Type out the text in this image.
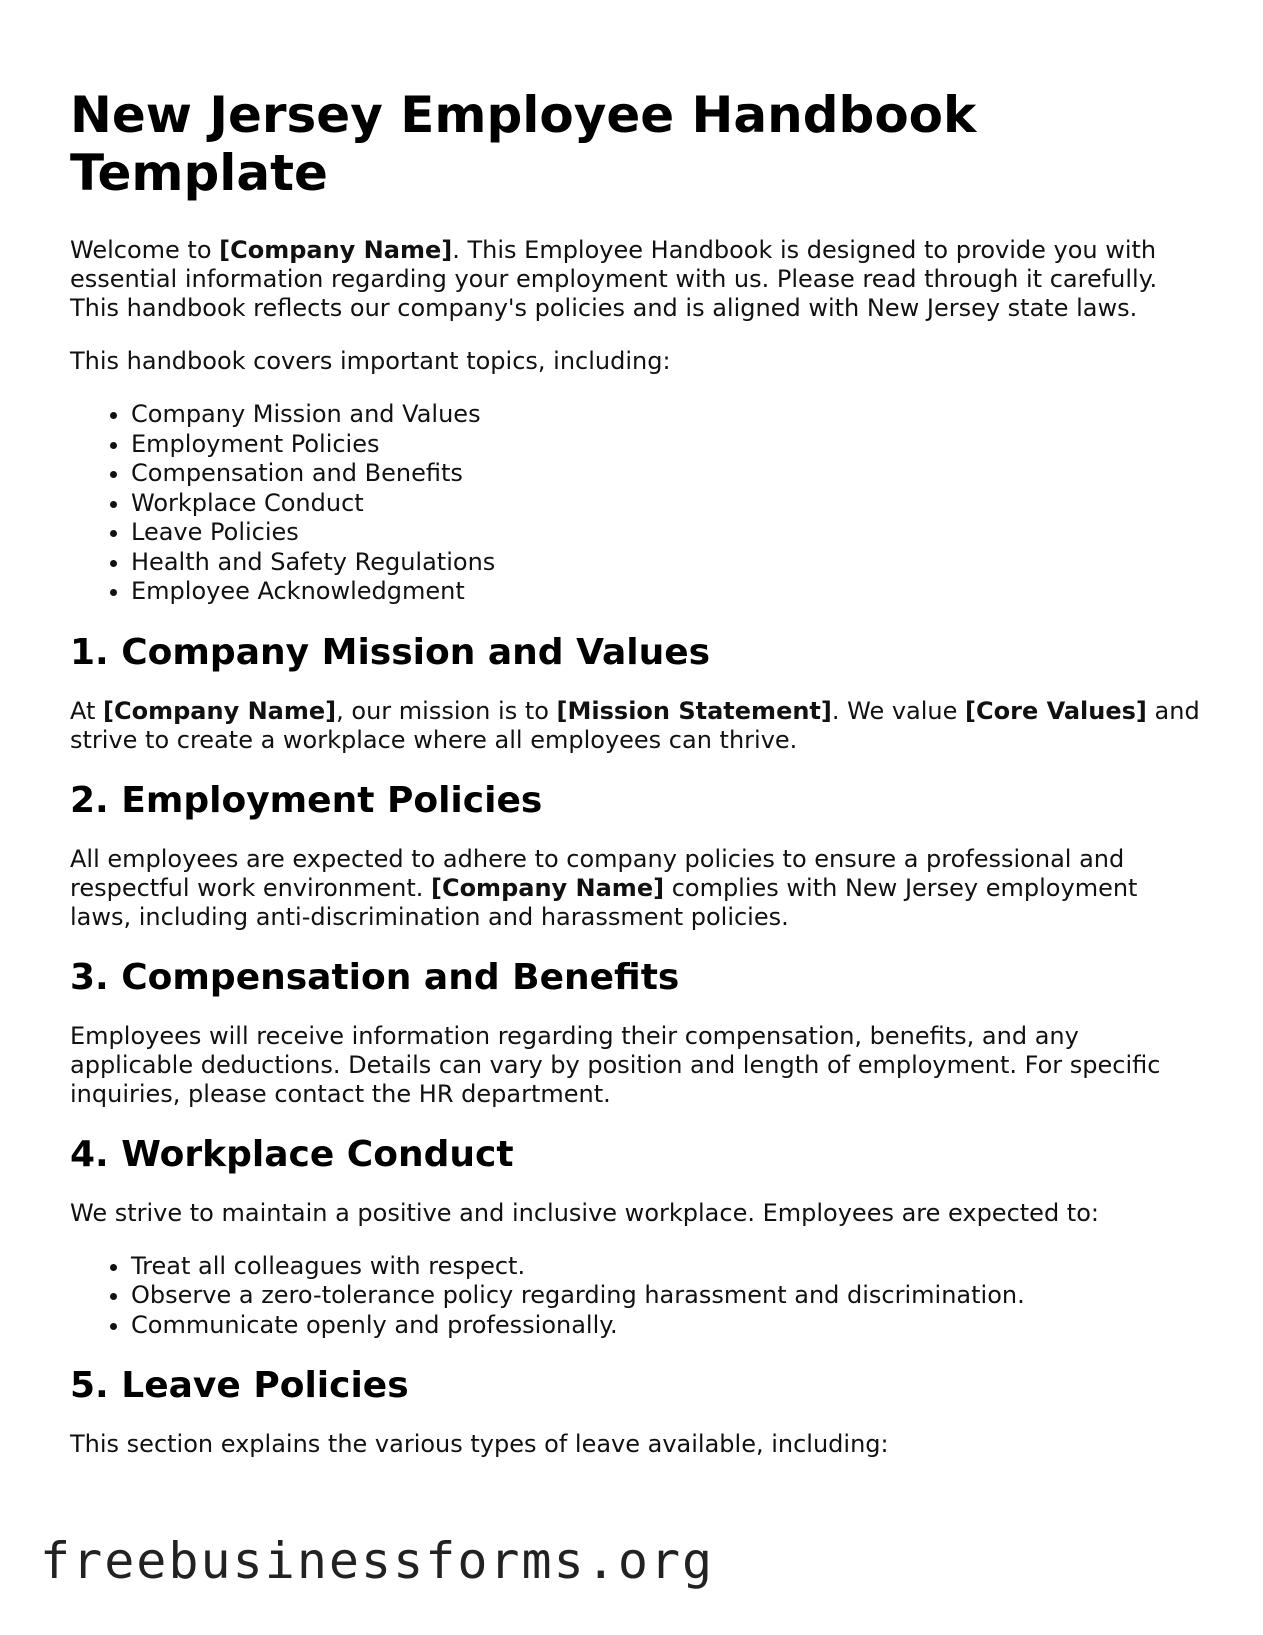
New Jersey Employee Handbook Template

Welcome to [Company Name]. This Employee Handbook is designed to provide you with essential information regarding your employment with us. Please read through it carefully. This handbook reflects our company's policies and is aligned with New Jersey state laws.

This handbook covers important topics, including:

• Company Mission and Values
• Employment Policies
• Compensation and Benefits
• Workplace Conduct
• Leave Policies
• Health and Safety Regulations
• Employee Acknowledgment
1. Company Mission and Values

At [Company Name], our mission is to [Mission Statement]. We value [Core Values] and strive to create a workplace where all employees can thrive.

2. Employment Policies

All employees are expected to adhere to company policies to ensure a professional and respectful work environment. [Company Name] complies with New Jersey employment laws, including anti-discrimination and harassment policies.

3. Compensation and Benefits

Employees will receive information regarding their compensation, benefits, and any applicable deductions. Details can vary by position and length of employment. For specific inquiries, please contact the HR department.

4. Workplace Conduct

We strive to maintain a positive and inclusive workplace. Employees are expected to:

• Treat all colleagues with respect.
• Observe a zero-tolerance policy regarding harassment and discrimination.
• Communicate openly and professionally.
5. Leave Policies

This section explains the various types of leave available, including:

freebusinessforms.org
